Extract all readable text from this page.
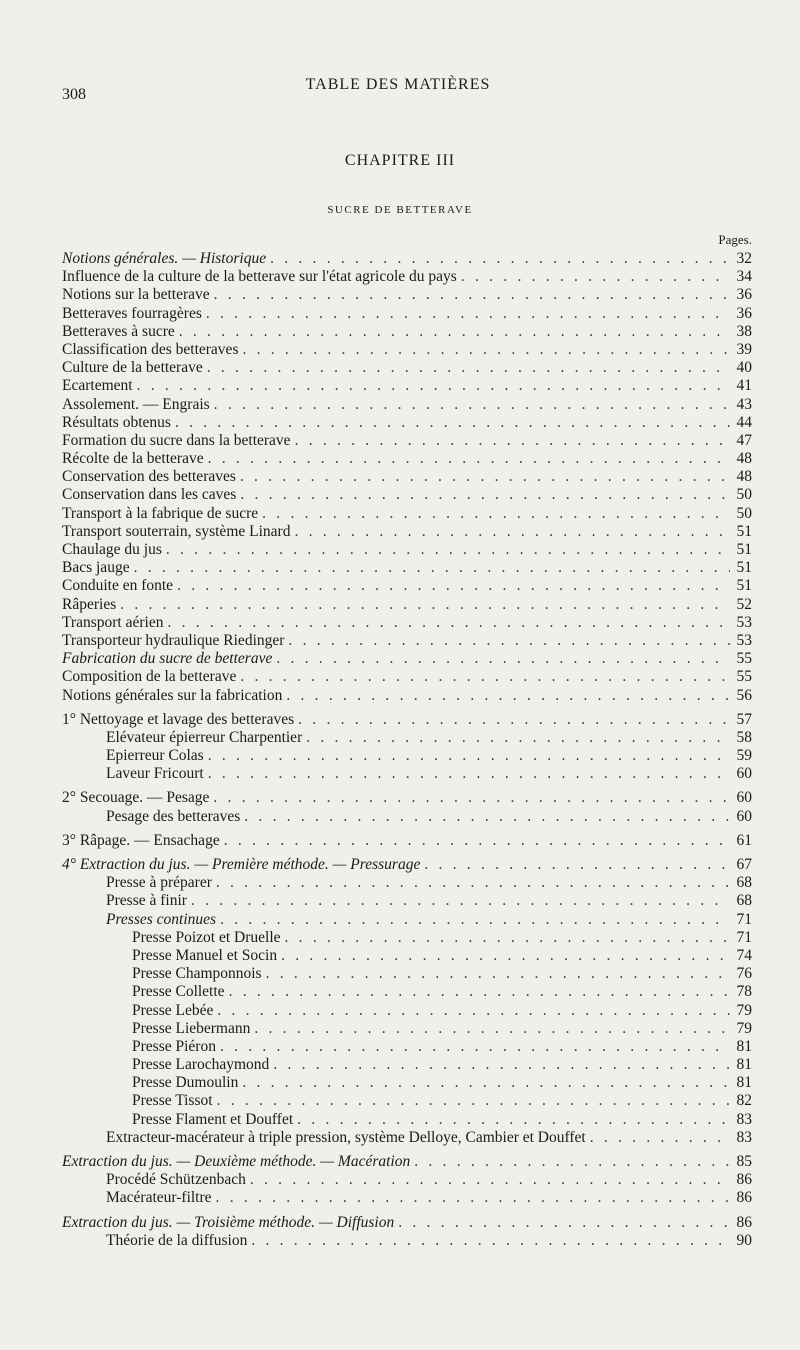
308
TABLE DES MATIÈRES
CHAPITRE III
SUCRE DE BETTERAVE
Pages.
Notions générales. — Historique . . .	32
Influence de la culture de la betterave sur l'état agricole du pays . . .	34
Notions sur la betterave . . .	36
Betteraves fourragères . . .	36
Betteraves à sucre . . .	38
Classification des betteraves . . .	39
Culture de la betterave . . .	40
Ecartement . . .	41
Assolement. — Engrais . . .	43
Résultats obtenus . . .	44
Formation du sucre dans la betterave . . .	47
Récolte de la betterave . . .	48
Conservation des betteraves . . .	48
Conservation dans les caves . . .	50
Transport à la fabrique de sucre . . .	50
Transport souterrain, système Linard . . .	51
Chaulage du jus . . .	51
Bacs jauge . . .	51
Conduite en fonte . . .	51
Râperies . . .	52
Transport aérien . . .	53
Transporteur hydraulique Riedinger . . .	53
Fabrication du sucre de betterave . . .	55
Composition de la betterave . . .	55
Notions générales sur la fabrication . . .	56
1° Nettoyage et lavage des betteraves . . .	57
Elévateur épierreur Charpentier . . .	58
Epierreur Colas . . .	59
Laveur Fricourt . . .	60
2° Secouage. — Pesage . . .	60
Pesage des betteraves . . .	60
3° Râpage. — Ensachage . . .	61
4° Extraction du jus. — Première méthode. — Pressurage . . .	67
Presse à préparer . . .	68
Presse à finir . . .	68
Presses continues . . .	71
Presse Poizot et Druelle . . .	71
Presse Manuel et Socin . . .	74
Presse Champonnois . . .	76
Presse Collette . . .	78
Presse Lebée . . .	79
Presse Liebermann . . .	79
Presse Piéron . . .	81
Presse Larochaymond . . .	81
Presse Dumoulin . . .	81
Presse Tissot . . .	82
Presse Flament et Douffet . . .	83
Extracteur-macérateur à triple pression, système Delloye, Cambier et Douffet . . .	83
Extraction du jus. — Deuxième méthode. — Macération . . .	85
Procédé Schützenbach . . .	86
Macérateur-filtre . . .	86
Extraction du jus. — Troisième méthode. — Diffusion . . .	86
Théorie de la diffusion . . .	90
